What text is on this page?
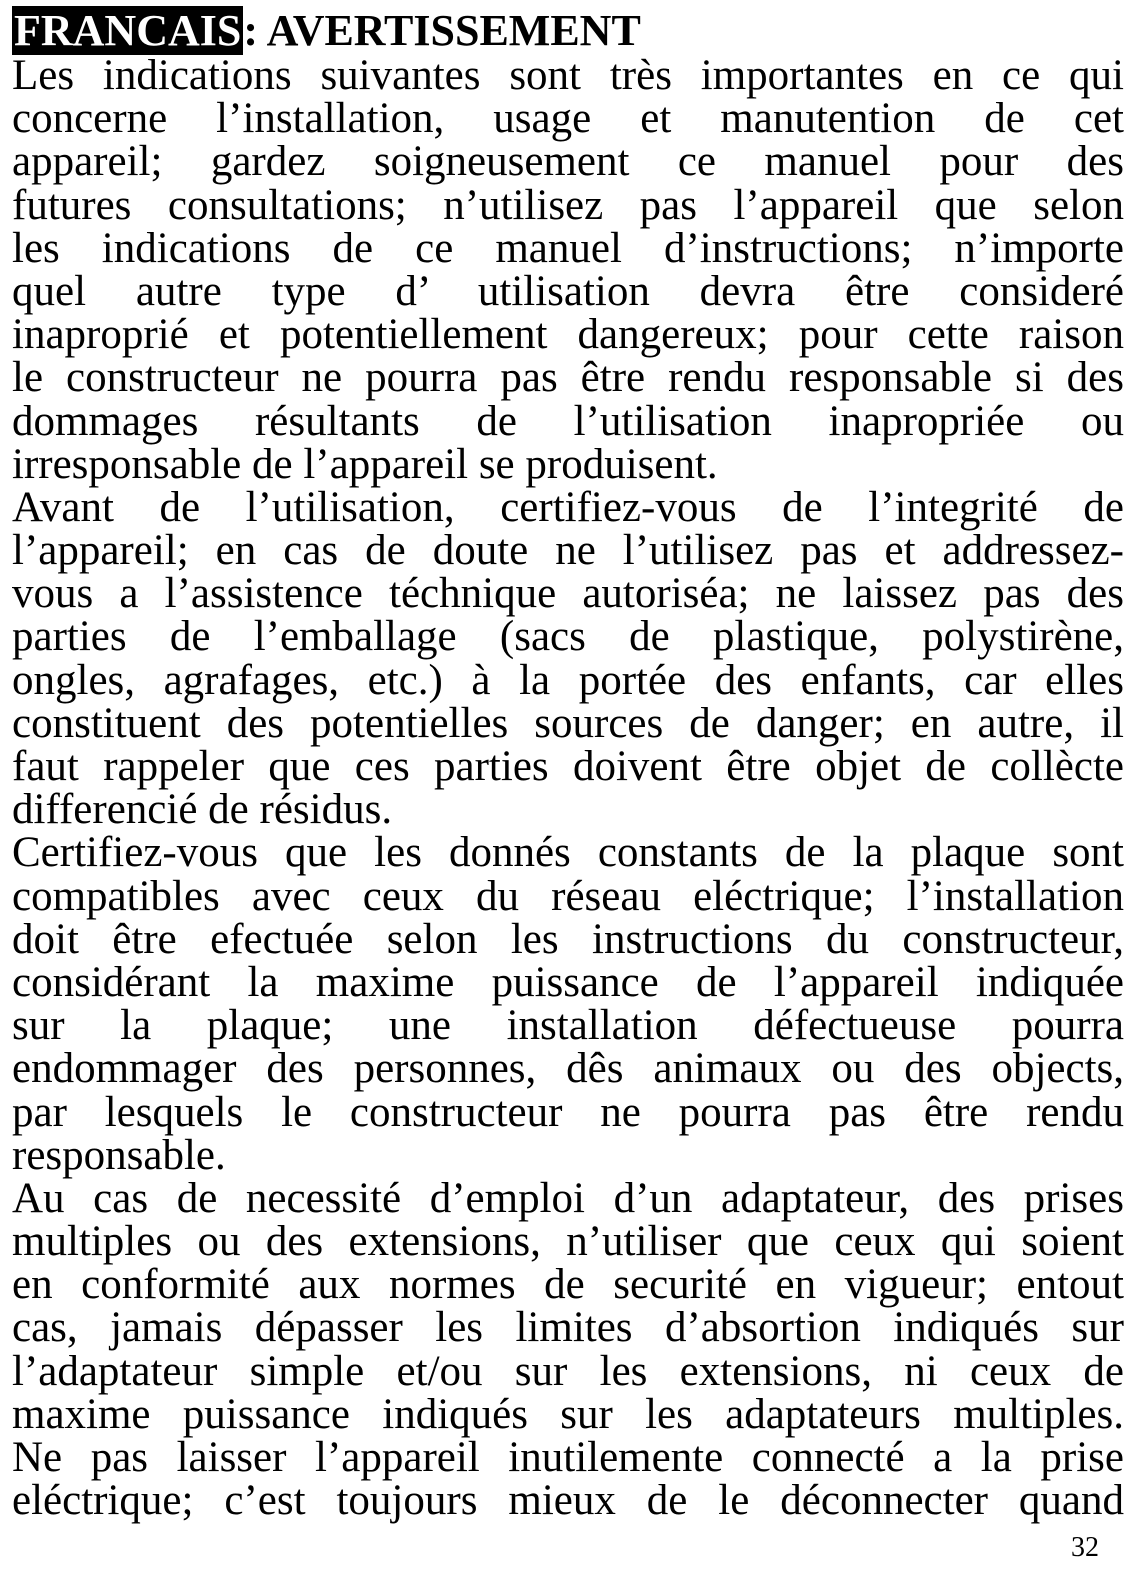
FRANCAIS: AVERTISSEMENT
Les indications suivantes sont très importantes en ce qui
concerne l’installation, usage et manutention de cet
appareil; gardez soigneusement ce manuel pour des
futures consultations; n’utilisez pas l’appareil que selon
les indications de ce manuel d’instructions; n’importe
quel autre type d’ utilisation devra être consideré
inaproprié et potentiellement dangereux; pour cette raison
le constructeur ne pourra pas être rendu responsable si des
dommages résultants de l’utilisation inapropriée ou
irresponsable de l’appareil se produisent.
Avant de l’utilisation, certifiez-vous de l’integrité de
l’appareil; en cas de doute ne l’utilisez pas et addressez-
vous a l’assistence téchnique autoriséa; ne laissez pas des
parties de l’emballage (sacs de plastique, polystirène,
ongles, agrafages, etc.) à la portée des enfants, car elles
constituent des potentielles sources de danger; en autre, il
faut rappeler que ces parties doivent être objet de collècte
differencié de résidus.
Certifiez-vous que les donnés constants de la plaque sont
compatibles avec ceux du réseau eléctrique; l’installation
doit être efectuée selon les instructions du constructeur,
considérant la maxime puissance de l’appareil indiquée
sur la plaque; une installation défectueuse pourra
endommager des personnes, dês animaux ou des objects,
par lesquels le constructeur ne pourra pas être rendu
responsable.
Au cas de necessité d’emploi d’un adaptateur, des prises
multiples ou des extensions, n’utiliser que ceux qui soient
en conformité aux normes de securité en vigueur; entout
cas, jamais dépasser les limites d’absortion indiqués sur
l’adaptateur simple et/ou sur les extensions, ni ceux de
maxime puissance indiqués sur les adaptateurs multiples.
Ne pas laisser l’appareil inutilemente connecté a la prise
eléctrique; c’est toujours mieux de le déconnecter quand
32
